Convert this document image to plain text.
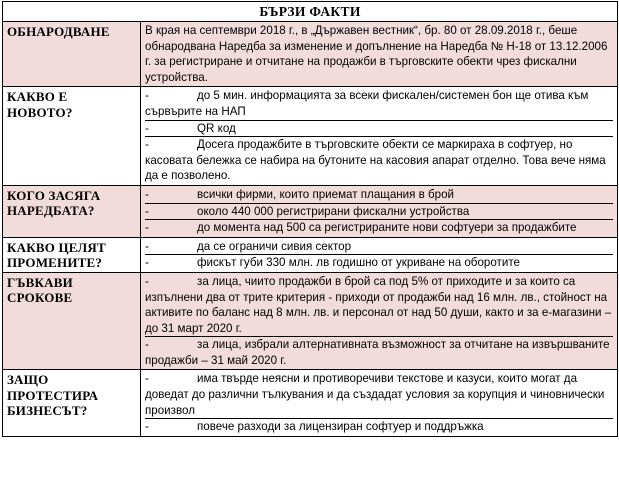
БЪРЗИ ФАКТИ	
ОБНАРОДВАНЕ	В края на септември 2018 г., в „Държавен вестник“, бр. 80 от 28.09.2018 г., беше обнародвана Наредба за изменение и допълнение на Наредба № Н-18 от 13.12.2006 г. за регистриране и отчитане на продажби в търговските обекти чрез фискални устройства.

КАКВО Е НОВОТО?	- до 5 мин. информацията за всеки фискален/системен бон ще отива към сървърите на НАП
- QR код
- Досега продажбите в търговските обекти се маркираха в софтуер, но касовата бележка се набира на бутоните на касовия апарат отделно. Това вече няма да е позволено.

КОГО ЗАСЯГА НАРЕДБАТА?	- всички фирми, които приемат плащания в брой
- около 440 000 регистрирани фискални устройства
- до момента над 500 са регистрираните нови софтуери за продажбите

КАКВО ЦЕЛЯТ ПРОМЕНИТЕ?	- да се ограничи сивия сектор
- фискът губи 330 млн. лв годишно от укриване на оборотите

ГЪВКАВИ СРОКОВЕ	- за лица, чиито продажби в брой са под 5% от приходите и за които са изпълнени два от трите критерия - приходи от продажби над 16 млн. лв., стойност на активите по баланс над 8 млн. лв. и персонал от над 50 души, както и за е-магазини – до 31 март 2020 г.
- за лица, избрали алтернативната възможност за отчитане на извършваните продажби – 31 май 2020 г.

ЗАЩО ПРОТЕСТИРА БИЗНЕСЪТ?	- има твърде неясни и противоречиви текстове и казуси, които могат да доведат до различни тълкувания и да създадат условия за корупция и чиновнически произвол
- повече разходи за лицензиран софтуер и поддръжка
